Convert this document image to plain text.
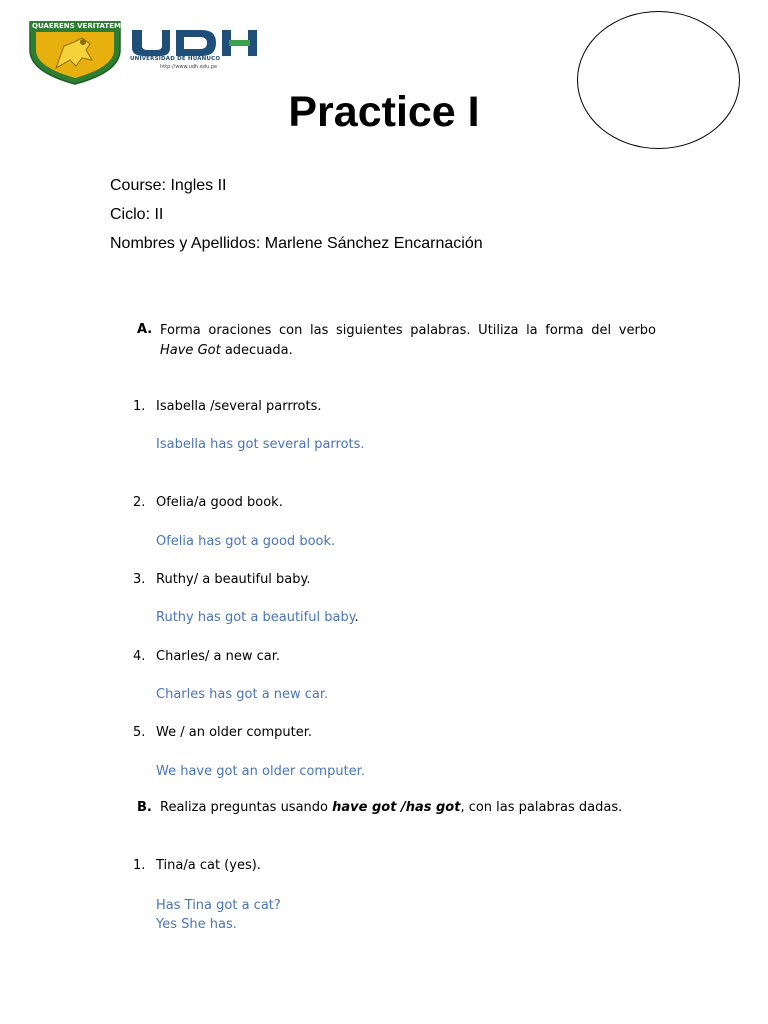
QUAERENS VERITATEM
UNIVERSIDAD DE HUANUCO
http://www.udh.edu.pe
Practice I
Course: Ingles II
Ciclo: II
Nombres y Apellidos: Marlene Sánchez Encarnación
A. Forma oraciones con las siguientes palabras. Utiliza la forma del verbo Have Got adecuada.
1. Isabella /several parrrots.
Isabella has got several parrots.
2. Ofelia/a good book.
Ofelia has got a good book.
3. Ruthy/ a beautiful baby.
Ruthy has got a beautiful baby.
4. Charles/ a new car.
Charles has got a new car.
5. We / an older computer.
We have got an older computer.
B. Realiza preguntas usando have got /has got, con las palabras dadas.
1. Tina/a cat (yes).
Has Tina got a cat?
Yes She has.
